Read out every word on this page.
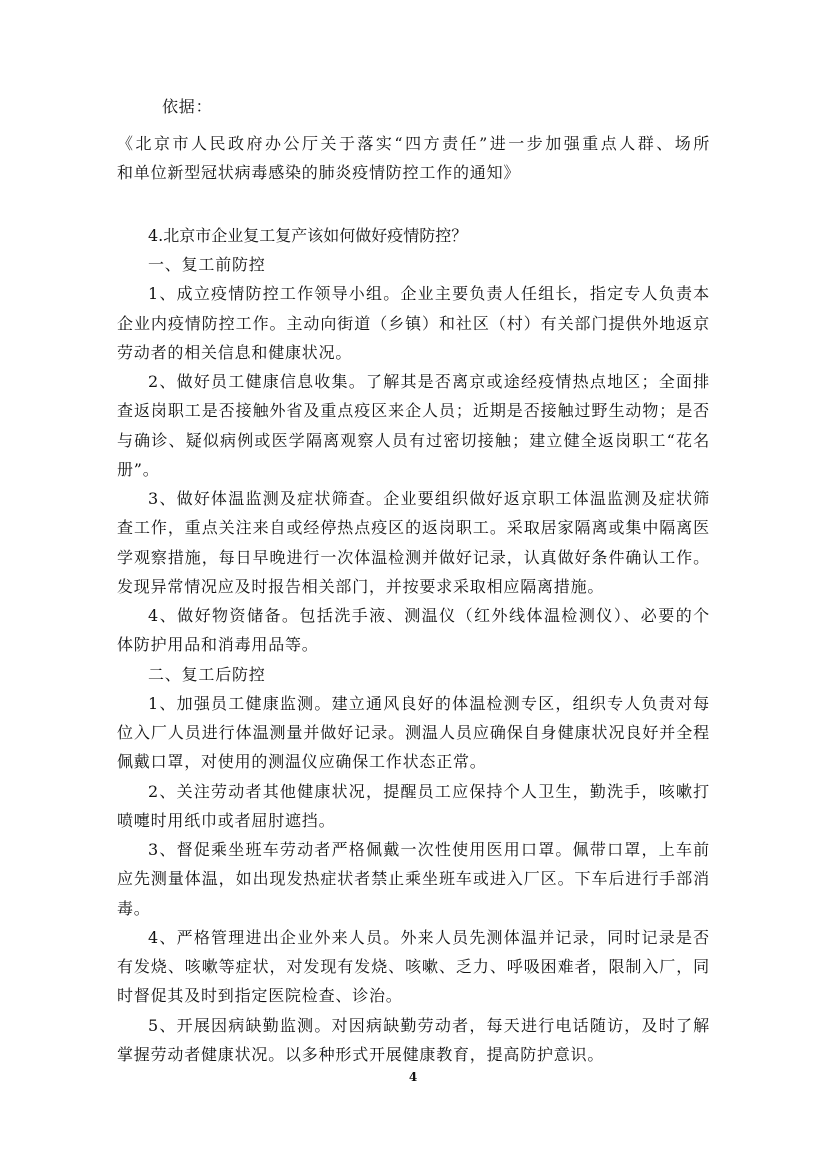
依据：
《北京市人民政府办公厅关于落实“四方责任”进一步加强重点人群、场所
和单位新型冠状病毒感染的肺炎疫情防控工作的通知》
4.北京市企业复工复产该如何做好疫情防控？
一、复工前防控
1、成立疫情防控工作领导小组。企业主要负责人任组长，指定专人负责本
企业内疫情防控工作。主动向街道（乡镇）和社区（村）有关部门提供外地返京
劳动者的相关信息和健康状况。
2、做好员工健康信息收集。了解其是否离京或途经疫情热点地区；全面排
查返岗职工是否接触外省及重点疫区来企人员；近期是否接触过野生动物；是否
与确诊、疑似病例或医学隔离观察人员有过密切接触；建立健全返岗职工“花名
册”。
3、做好体温监测及症状筛查。企业要组织做好返京职工体温监测及症状筛
查工作，重点关注来自或经停热点疫区的返岗职工。采取居家隔离或集中隔离医
学观察措施，每日早晚进行一次体温检测并做好记录，认真做好条件确认工作。
发现异常情况应及时报告相关部门，并按要求采取相应隔离措施。
4、做好物资储备。包括洗手液、测温仪（红外线体温检测仪）、必要的个
体防护用品和消毒用品等。
二、复工后防控
1、加强员工健康监测。建立通风良好的体温检测专区，组织专人负责对每
位入厂人员进行体温测量并做好记录。测温人员应确保自身健康状况良好并全程
佩戴口罩，对使用的测温仪应确保工作状态正常。
2、关注劳动者其他健康状况，提醒员工应保持个人卫生，勤洗手，咳嗽打
喷嚏时用纸巾或者屈肘遮挡。
3、督促乘坐班车劳动者严格佩戴一次性使用医用口罩。佩带口罩，上车前
应先测量体温，如出现发热症状者禁止乘坐班车或进入厂区。下车后进行手部消
毒。
4、严格管理进出企业外来人员。外来人员先测体温并记录，同时记录是否
有发烧、咳嗽等症状，对发现有发烧、咳嗽、乏力、呼吸困难者，限制入厂，同
时督促其及时到指定医院检查、诊治。
5、开展因病缺勤监测。对因病缺勤劳动者，每天进行电话随访，及时了解
掌握劳动者健康状况。以多种形式开展健康教育，提高防护意识。
4
